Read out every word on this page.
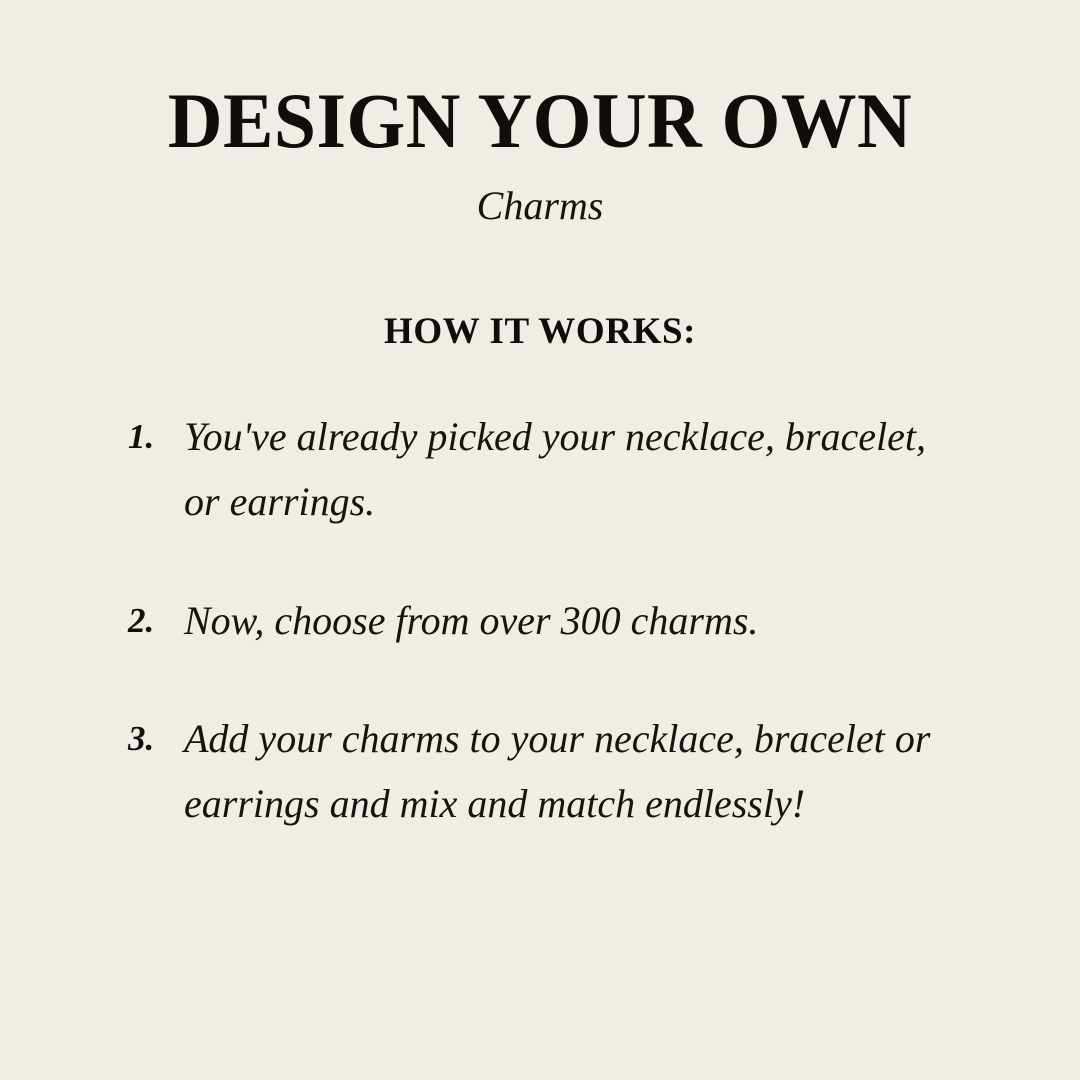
DESIGN YOUR OWN
Charms
HOW IT WORKS:
1. You've already picked your necklace, bracelet, or earrings.
2. Now, choose from over 300 charms.
3. Add your charms to your necklace, bracelet or earrings and mix and match endlessly!
